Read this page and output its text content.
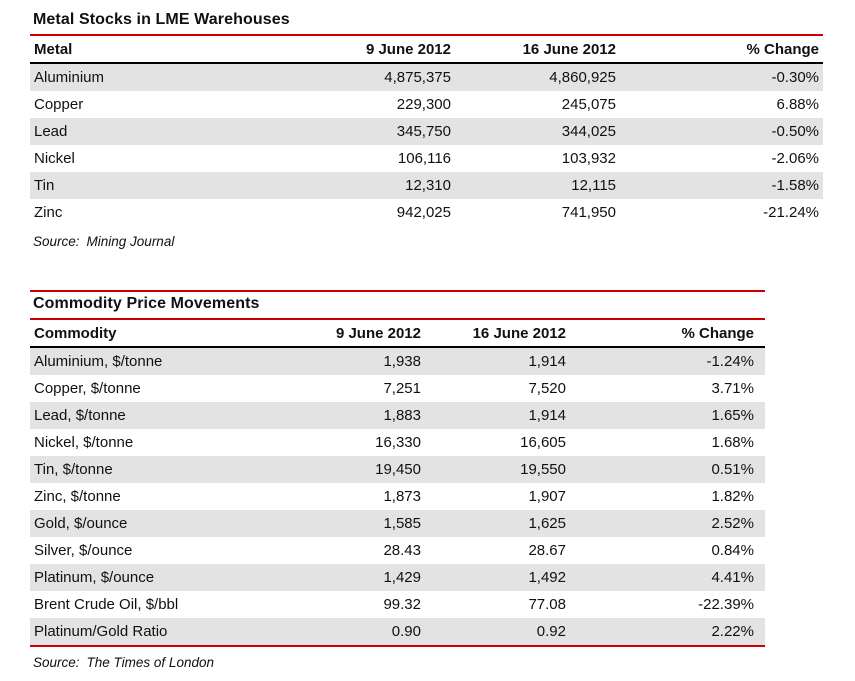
Metal Stocks in LME Warehouses
Metal	9 June 2012	16 June 2012	% Change
Aluminium	4,875,375	4,860,925	-0.30%
Copper	229,300	245,075	6.88%
Lead	345,750	344,025	-0.50%
Nickel	106,116	103,932	-2.06%
Tin	12,310	12,115	-1.58%
Zinc	942,025	741,950	-21.24%

Source: Mining Journal

Commodity Price Movements
Commodity	9 June 2012	16 June 2012	% Change
Aluminium, $/tonne	1,938	1,914	-1.24%
Copper, $/tonne	7,251	7,520	3.71%
Lead, $/tonne	1,883	1,914	1.65%
Nickel, $/tonne	16,330	16,605	1.68%
Tin, $/tonne	19,450	19,550	0.51%
Zinc, $/tonne	1,873	1,907	1.82%
Gold, $/ounce	1,585	1,625	2.52%
Silver, $/ounce	28.43	28.67	0.84%
Platinum, $/ounce	1,429	1,492	4.41%
Brent Crude Oil, $/bbl	99.32	77.08	-22.39%
Platinum/Gold Ratio	0.90	0.92	2.22%

Source: The Times of London
